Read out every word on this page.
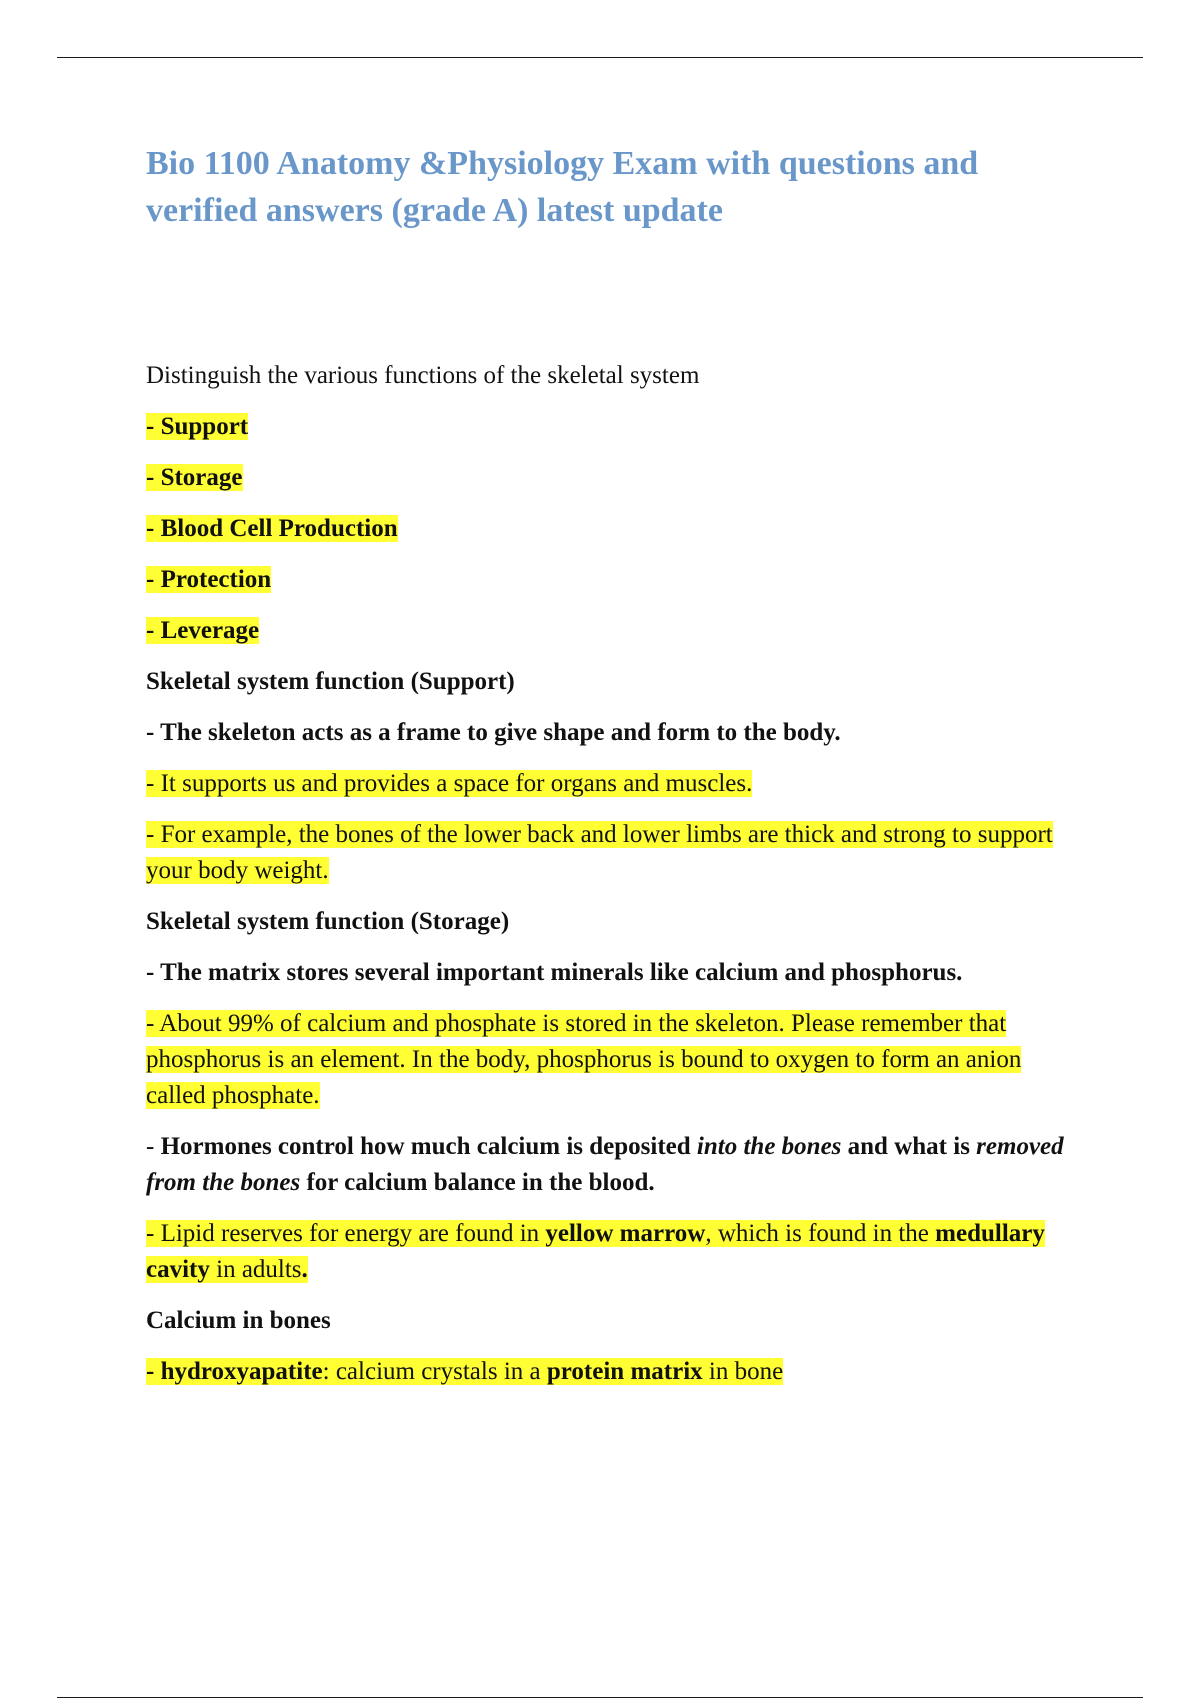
Bio 1100 Anatomy &Physiology Exam with questions and verified answers (grade A) latest update

Distinguish the various functions of the skeletal system

- Support

- Storage

- Blood Cell Production

- Protection

- Leverage

Skeletal system function (Support)

- The skeleton acts as a frame to give shape and form to the body.

- It supports us and provides a space for organs and muscles.

- For example, the bones of the lower back and lower limbs are thick and strong to support your body weight.

Skeletal system function (Storage)

- The matrix stores several important minerals like calcium and phosphorus.

- About 99% of calcium and phosphate is stored in the skeleton. Please remember that phosphorus is an element. In the body, phosphorus is bound to oxygen to form an anion called phosphate.

- Hormones control how much calcium is deposited into the bones and what is removed from the bones for calcium balance in the blood.

- Lipid reserves for energy are found in yellow marrow, which is found in the medullary cavity in adults.

Calcium in bones

- hydroxyapatite: calcium crystals in a protein matrix in bone
